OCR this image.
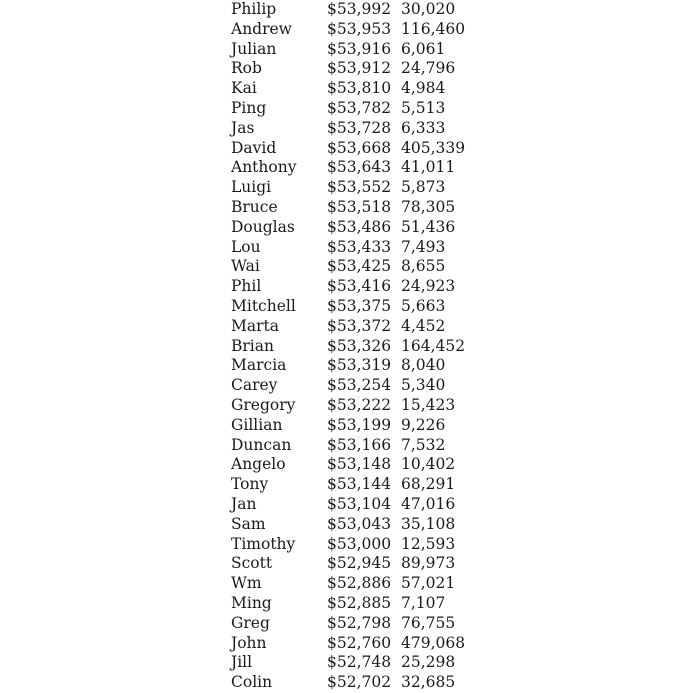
Philip	$53,992	30,020
Andrew	$53,953	116,460
Julian	$53,916	6,061
Rob	$53,912	24,796
Kai	$53,810	4,984
Ping	$53,782	5,513
Jas	$53,728	6,333
David	$53,668	405,339
Anthony	$53,643	41,011
Luigi	$53,552	5,873
Bruce	$53,518	78,305
Douglas	$53,486	51,436
Lou	$53,433	7,493
Wai	$53,425	8,655
Phil	$53,416	24,923
Mitchell	$53,375	5,663
Marta	$53,372	4,452
Brian	$53,326	164,452
Marcia	$53,319	8,040
Carey	$53,254	5,340
Gregory	$53,222	15,423
Gillian	$53,199	9,226
Duncan	$53,166	7,532
Angelo	$53,148	10,402
Tony	$53,144	68,291
Jan	$53,104	47,016
Sam	$53,043	35,108
Timothy	$53,000	12,593
Scott	$52,945	89,973
Wm	$52,886	57,021
Ming	$52,885	7,107
Greg	$52,798	76,755
John	$52,760	479,068
Jill	$52,748	25,298
Colin	$52,702	32,685
